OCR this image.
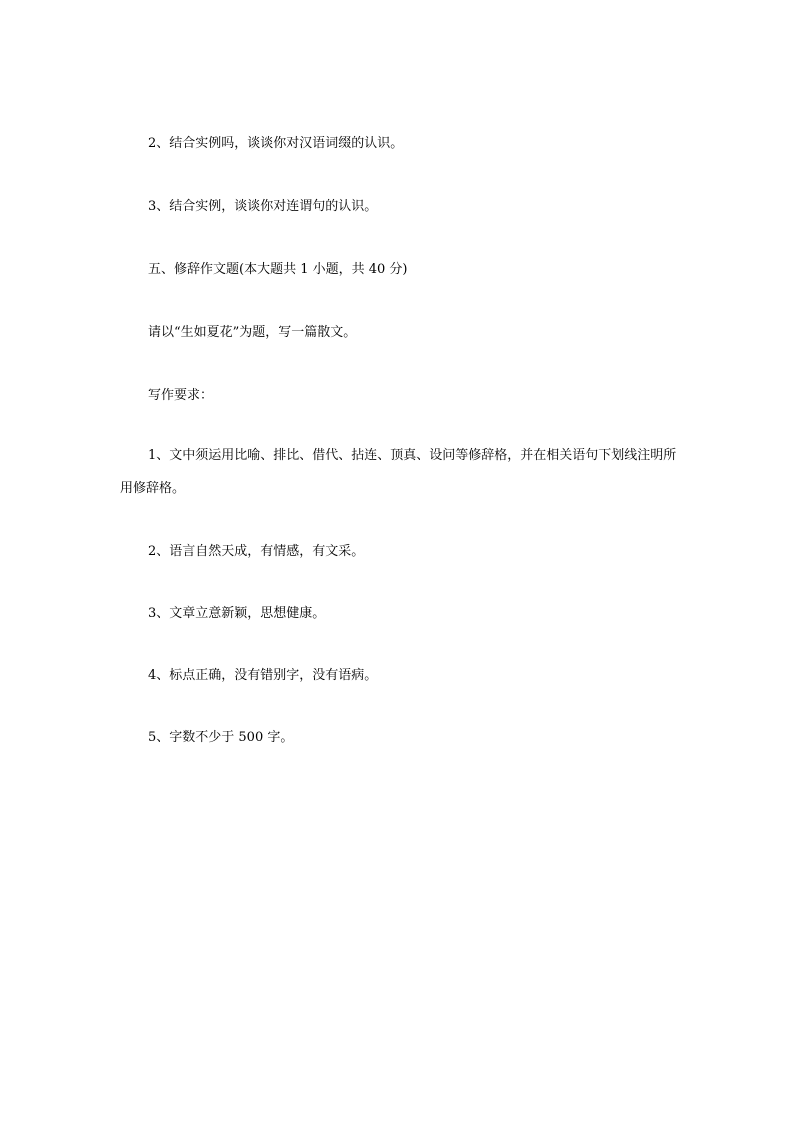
2、结合实例吗，谈谈你对汉语词缀的认识。

3、结合实例，谈谈你对连谓句的认识。

五、修辞作文题(本大题共 1 小题，共 40 分)

请以“生如夏花”为题，写一篇散文。

写作要求：

1、文中须运用比喻、排比、借代、拈连、顶真、设问等修辞格，并在相关语句下划线注明所用修辞格。

2、语言自然天成，有情感，有文采。

3、文章立意新颖，思想健康。

4、标点正确，没有错别字，没有语病。

5、字数不少于 500 字。
